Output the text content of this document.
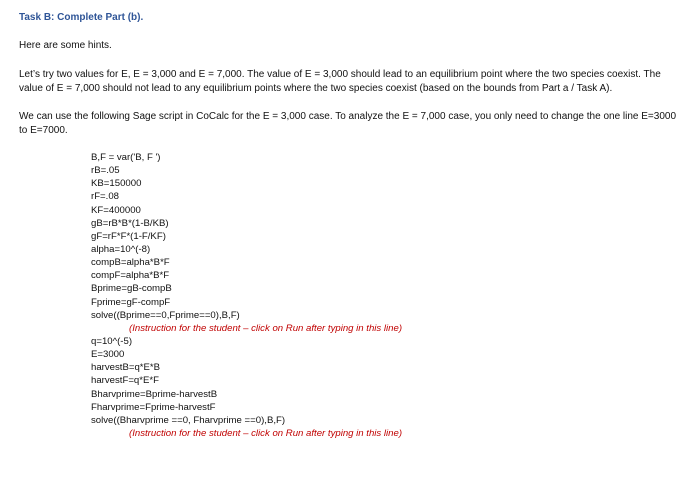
Task B: Complete Part (b).
Here are some hints.
Let’s try two values for E, E = 3,000 and E = 7,000. The value of E = 3,000 should lead to an equilibrium point where the two species coexist. The value of E = 7,000 should not lead to any equilibrium points where the two species coexist (based on the bounds from Part a / Task A).
We can use the following Sage script in CoCalc for the E = 3,000 case. To analyze the E = 7,000 case, you only need to change the one line E=3000 to E=7000.
B,F = var('B, F ')
rB=.05
KB=150000
rF=.08
KF=400000
gB=rB*B*(1-B/KB)
gF=rF*F*(1-F/KF)
alpha=10^(-8)
compB=alpha*B*F
compF=alpha*B*F
Bprime=gB-compB
Fprime=gF-compF
solve((Bprime==0,Fprime==0),B,F)
(Instruction for the student – click on Run after typing in this line)
q=10^(-5)
E=3000
harvestB=q*E*B
harvestF=q*E*F
Bharvprime=Bprime-harvestB
Fharvprime=Fprime-harvestF
solve((Bharvprime ==0, Fharvprime ==0),B,F)
(Instruction for the student – click on Run after typing in this line)
